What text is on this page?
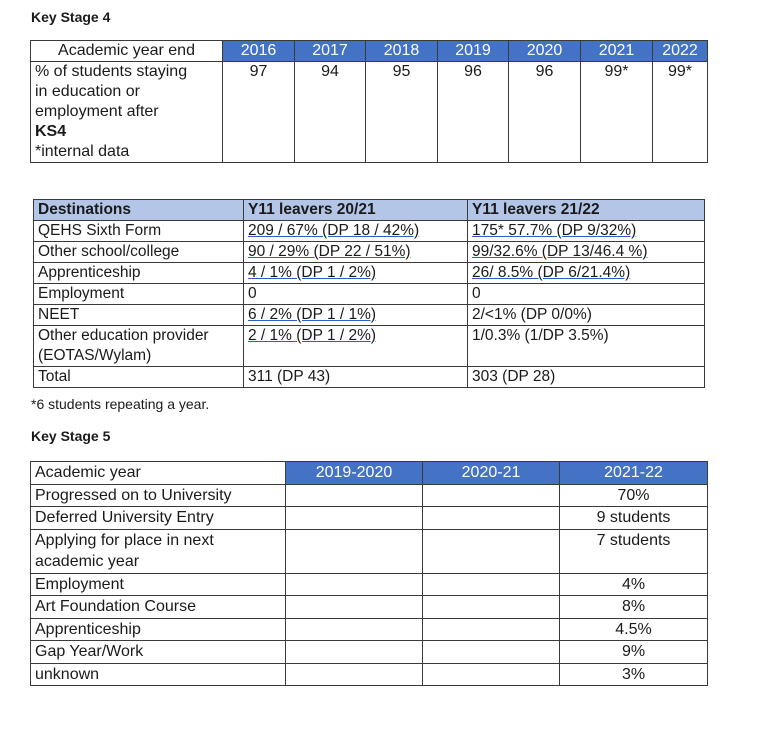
Key Stage 4
Academic year end	2016	2017	2018	2019	2020	2021	2022

% of students staying
in education or
employment after
KS4
*internal data	97	94	95	96	96	99*	99*
Destinations	Y11 leavers 20/21	Y11 leavers 21/22
QEHS Sixth Form	209 / 67% (DP 18 / 42%)	175* 57.7% (DP 9/32%)
Other school/college	90 / 29% (DP 22 / 51%)	99/32.6% (DP 13/46.4 %)
Apprenticeship	4 / 1% (DP 1 / 2%)	26/ 8.5% (DP 6/21.4%)
Employment	0	0
NEET	6 / 2% (DP 1 / 1%)	2/<1% (DP 0/0%)
Other education provider (EOTAS/Wylam)	2 / 1% (DP 1 / 2%)	1/0.3% (1/DP 3.5%)
Total	311 (DP 43)	303 (DP 28)
*6 students repeating a year.
Key Stage 5
Academic year	2019-2020	2020-21	2021-22
Progressed on to University			70%
Deferred University Entry			9 students
Applying for place in next academic year			7 students
Employment			4%
Art Foundation Course			8%
Apprenticeship			4.5%
Gap Year/Work			9%
unknown			3%
